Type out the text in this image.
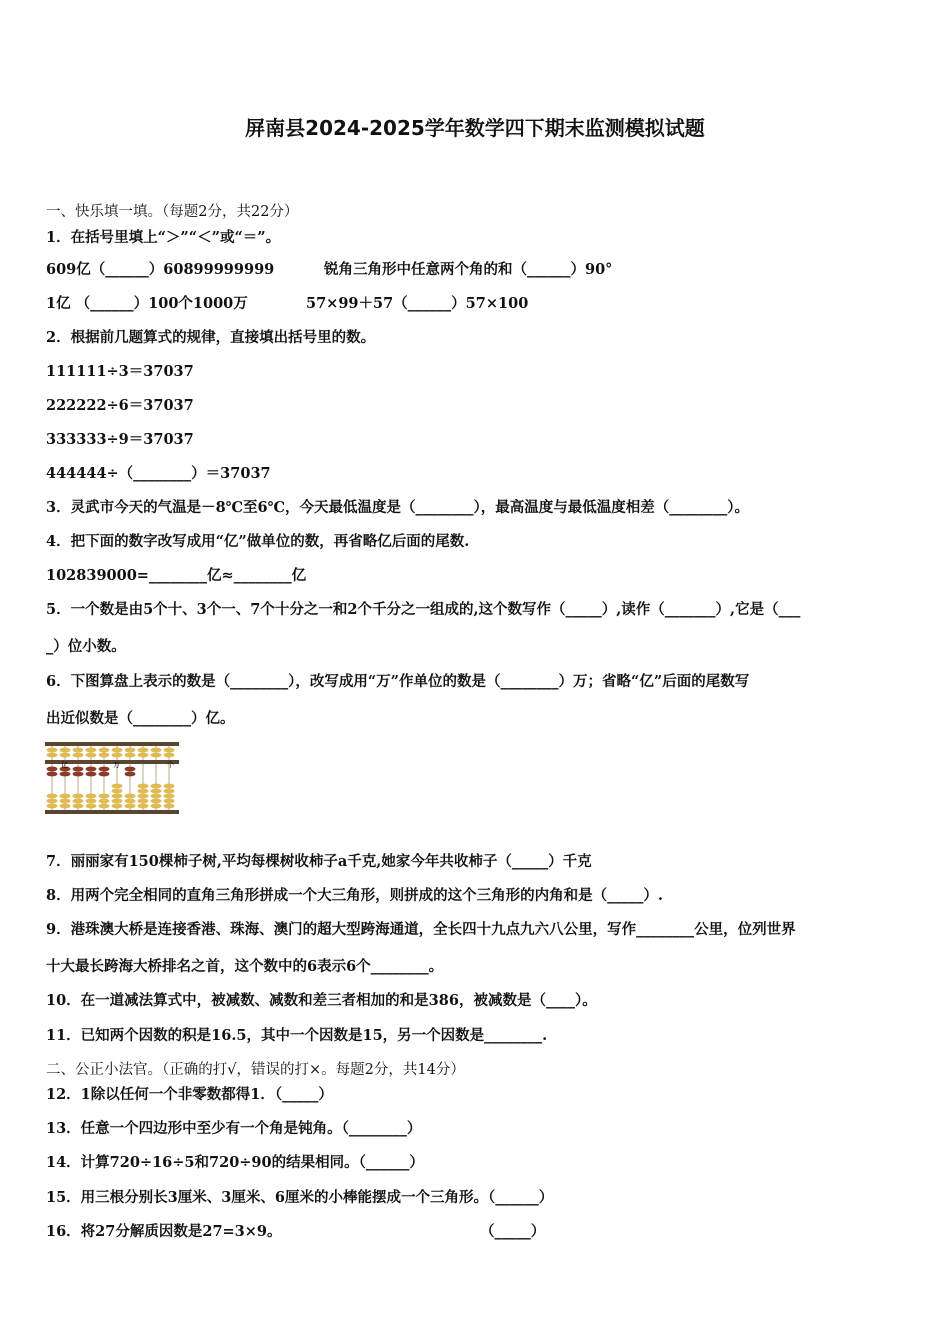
屏南县2024-2025学年数学四下期末监测模拟试题
一、快乐填一填。（每题2分，共22分）
1．在括号里填上“＞”“＜”或“＝”。
609亿（______）60899999999	锐角三角形中任意两个角的和（______）90°
1亿 （______）100个1000万	57×99＋57（______）57×100
2．根据前几题算式的规律，直接填出括号里的数。
111111÷3＝37037
222222÷6＝37037
333333÷9＝37037
444444÷（________）＝37037
3．灵武市今天的气温是－8℃至6℃，今天最低温度是（________），最高温度与最低温度相差（________）。
4．把下面的数字改写成用“亿”做单位的数，再省略亿后面的尾数.
102839000=________亿≈________亿
5．一个数是由5个十、3个一、7个十分之一和2个千分之一组成的,这个数写作（_____）,读作（_______）,它是（___
_）位小数。
6．下图算盘上表示的数是（________），改写成用“万”作单位的数是（________）万；省略“亿”后面的尾数写
出近似数是（________）亿。
亿	万	个
7．丽丽家有150棵柿子树,平均每棵树收柿子a千克,她家今年共收柿子（_____）千克
8．用两个完全相同的直角三角形拼成一个大三角形，则拼成的这个三角形的内角和是（_____）.
9．港珠澳大桥是连接香港、珠海、澳门的超大型跨海通道，全长四十九点九六八公里，写作________公里，位列世界
十大最长跨海大桥排名之首，这个数中的6表示6个________。
10．在一道减法算式中，被减数、减数和差三者相加的和是386，被减数是（____）。
11．已知两个因数的积是16.5，其中一个因数是15，另一个因数是________.
二、公正小法官。（正确的打√，错误的打×。每题2分，共14分）
12．1除以任何一个非零数都得1．（_____）
13．任意一个四边形中至少有一个角是钝角。（________）
14．计算720÷16÷5和720÷90的结果相同。（______）
15．用三根分别长3厘米、3厘米、6厘米的小棒能摆成一个三角形。（______）
16．将27分解质因数是27=3×9。	（_____）
